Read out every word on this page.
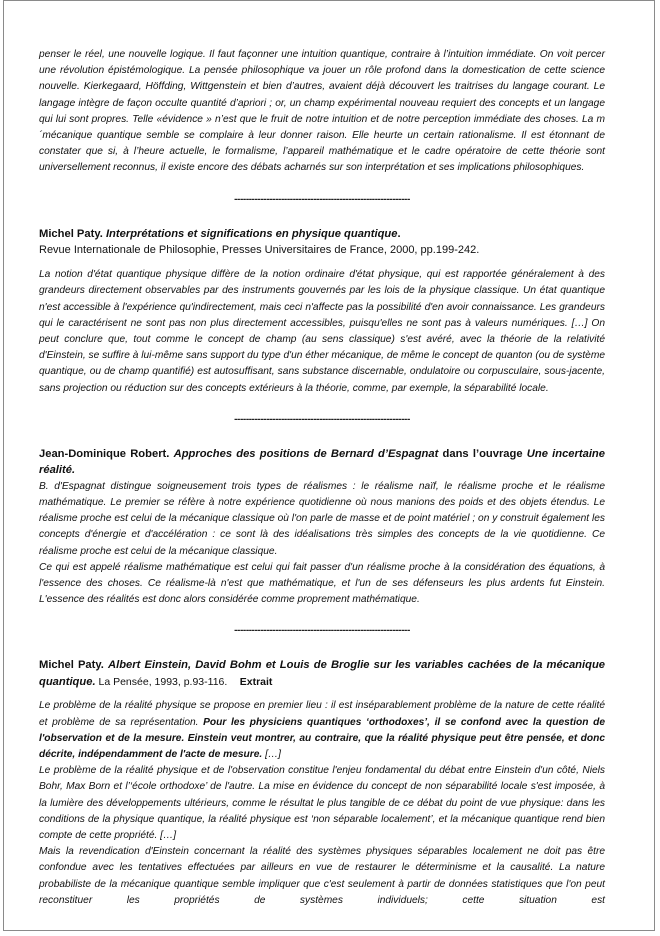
penser le réel, une nouvelle logique. Il faut façonner une intuition quantique, contraire à l’intuition immédiate. On voit percer une révolution épistémologique. La pensée philosophique va jouer un rôle profond dans la domestication de cette science nouvelle. Kierkegaard, Höffding, Wittgenstein et bien d’autres, avaient déjà découvert les traitrises du langage courant. Le langage intègre de façon occulte quantité d’apriori ; or, un champ expérimental nouveau requiert des concepts et un langage qui lui sont propres. Telle «évidence » n’est que le fruit de notre intuition et de notre perception immédiate des choses. La m´mécanique quantique semble se complaire à leur donner raison. Elle heurte un certain rationalisme. Il est étonnant de constater que si, à l’heure actuelle, le formalisme, l’appareil mathématique et le cadre opératoire de cette théorie sont universellement reconnus, il existe encore des débats acharnés sur son interprétation et ses implications philosophiques.

------------------------------------------------------------

Michel Paty. Interprétations et significations en physique quantique.

Revue Internationale de Philosophie, Presses Universitaires de France, 2000, pp.199-242.

La notion d'état quantique physique diffère de la notion ordinaire d'état physique, qui est rapportée généralement à des grandeurs directement observables par des instruments gouvernés par les lois de la physique classique. Un état quantique n'est accessible à l'expérience qu'indirectement, mais ceci n'affecte pas la possibilité d'en avoir connaissance. Les grandeurs qui le caractérisent ne sont pas non plus directement accessibles, puisqu'elles ne sont pas à valeurs numériques. […] On peut conclure que, tout comme le concept de champ (au sens classique) s'est avéré, avec la théorie de la relativité d'Einstein, se suffire à lui-même sans support du type d'un éther mécanique, de même le concept de quanton (ou de système quantique, ou de champ quantifié) est autosuffisant, sans substance discernable, ondulatoire ou corpusculaire, sous-jacente, sans projection ou réduction sur des concepts extérieurs à la théorie, comme, par exemple, la séparabilité locale.

------------------------------------------------------------

Jean-Dominique Robert. Approches des positions de Bernard d’Espagnat dans l’ouvrage Une incertaine réalité.

B. d'Espagnat distingue soigneusement trois types de réalismes : le réalisme naïf, le réalisme proche et le réalisme mathématique. Le premier se réfère à notre expérience quotidienne où nous manions des poids et des objets étendus. Le réalisme proche est celui de la mécanique classique où l'on parle de masse et de point matériel ; on y construit également les concepts d'énergie et d'accélération : ce sont là des idéalisations très simples des concepts de la vie quotidienne. Ce réalisme proche est celui de la mécanique classique.

Ce qui est appelé réalisme mathématique est celui qui fait passer d'un réalisme proche à la considération des équations, à l'essence des choses. Ce réalisme-là n'est que mathématique, et l'un de ses défenseurs les plus ardents fut Einstein. L'essence des réalités est donc alors considérée comme proprement mathématique.

------------------------------------------------------------

Michel Paty. Albert Einstein, David Bohm et Louis de Broglie sur les variables cachées de la mécanique quantique. La Pensée, 1993, p.93-116. Extrait

Le problème de la réalité physique se propose en premier lieu : il est inséparablement problème de la nature de cette réalité et problème de sa représentation. Pour les physiciens quantiques ‘orthodoxes’, il se confond avec la question de l'observation et de la mesure. Einstein veut montrer, au contraire, que la réalité physique peut être pensée, et donc décrite, indépendamment de l'acte de mesure. […]

Le problème de la réalité physique et de l'observation constitue l'enjeu fondamental du débat entre Einstein d'un côté, Niels Bohr, Max Born et l’‘école orthodoxe’ de l'autre. La mise en évidence du concept de non séparabilité locale s'est imposée, à la lumière des développements ultérieurs, comme le résultat le plus tangible de ce débat du point de vue physique: dans les conditions de la physique quantique, la réalité physique est ‘non séparable localement’, et la mécanique quantique rend bien compte de cette propriété. […]

Mais la revendication d'Einstein concernant la réalité des systèmes physiques séparables localement ne doit pas être confondue avec les tentatives effectuées par ailleurs en vue de restaurer le déterminisme et la causalité. La nature probabiliste de la mécanique quantique semble impliquer que c'est seulement à partir de données statistiques que l'on peut reconstituer les propriétés de systèmes individuels; cette situation est
